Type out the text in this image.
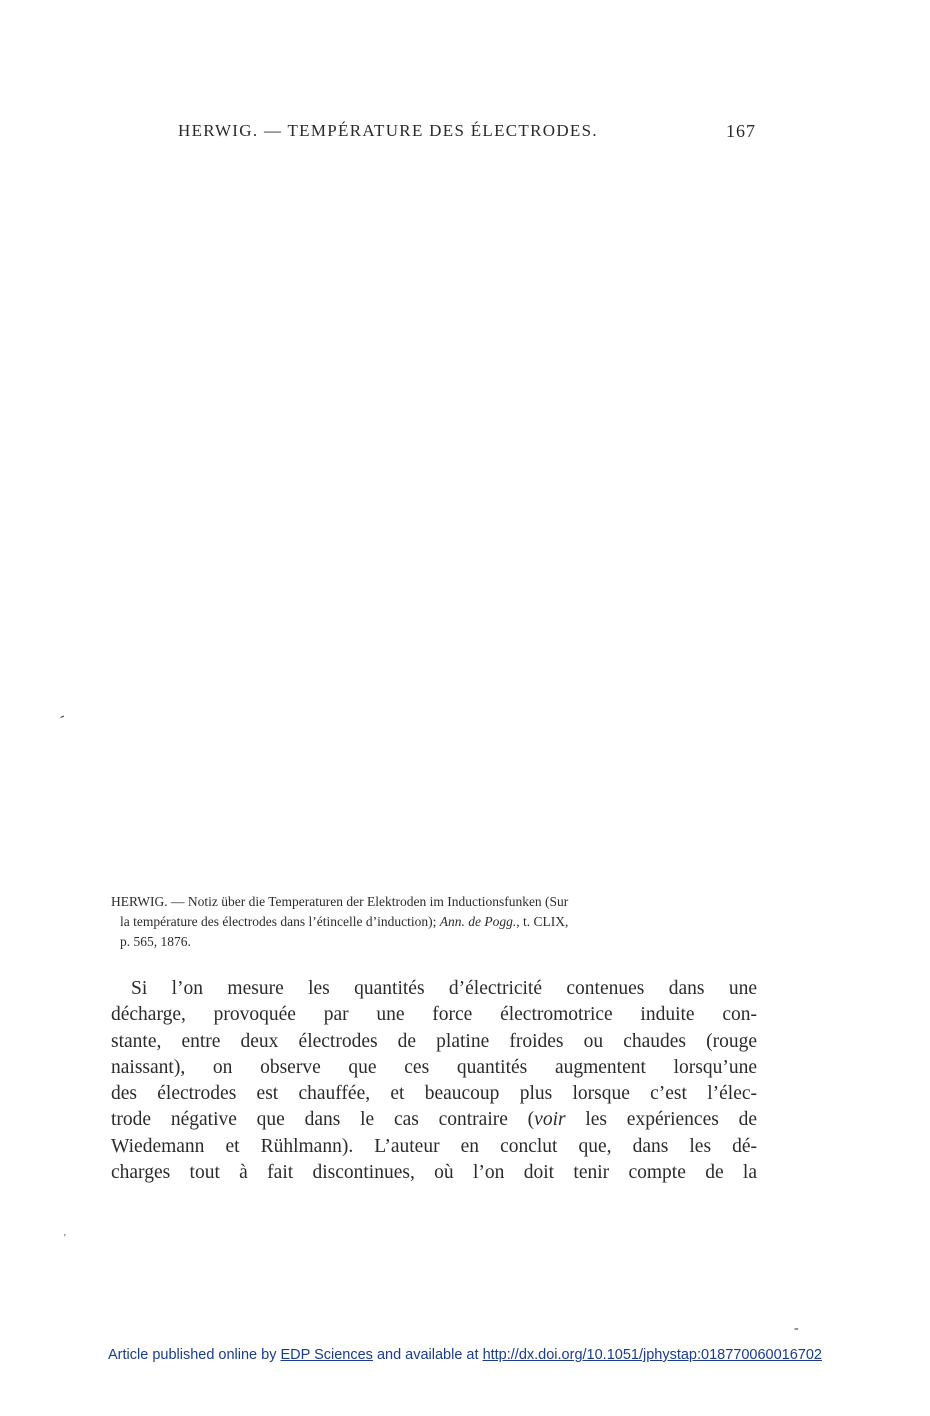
HERWIG. — TEMPÉRATURE DES ÉLECTRODES.	167
-
'
-
HERWIG. — Notiz über die Temperaturen der Elektroden im Inductionsfunken (Sur
la température des électrodes dans l’étincelle d’induction); Ann. de Pogg., t. CLIX,
p. 565, 1876.
Si l’on mesure les quantités d’électricité contenues dans une
décharge, provoquée par une force électromotrice induite con-
stante, entre deux électrodes de platine froides ou chaudes (rouge
naissant), on observe que ces quantités augmentent lorsqu’une
des électrodes est chauffée, et beaucoup plus lorsque c’est l’élec-
trode négative que dans le cas contraire (voir les expériences de
Wiedemann et Rühlmann). L’auteur en conclut que, dans les dé-
charges tout à fait discontinues, où l’on doit tenir compte de la
Article published online by EDP Sciences and available at http://dx.doi.org/10.1051/jphystap:018770060016702
